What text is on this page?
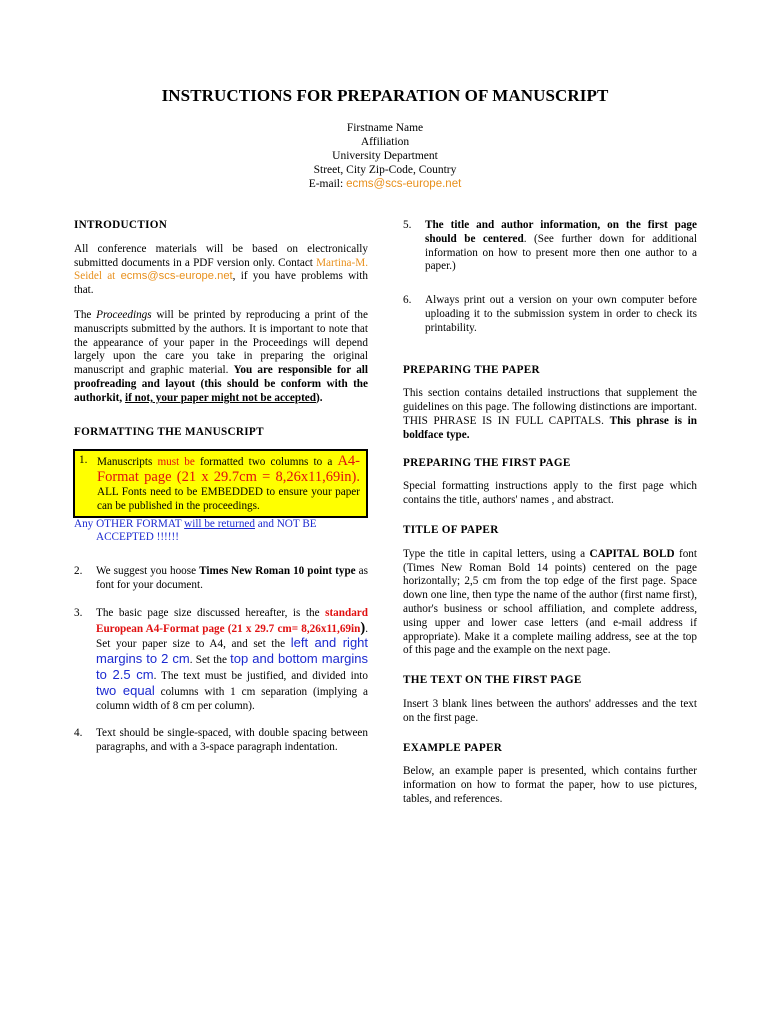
INSTRUCTIONS FOR PREPARATION OF MANUSCRIPT
Firstname Name
Affiliation
University Department
Street, City Zip-Code, Country
E-mail: ecms@scs-europe.net
INTRODUCTION

All conference materials will be based on electronically submitted documents in a PDF version only. Contact Martina-M. Seidel at ecms@scs-europe.net, if you have problems with that.

The Proceedings will be printed by reproducing a print of the manuscripts submitted by the authors. It is important to note that the appearance of your paper in the Proceedings will depend largely upon the care you take in preparing the original manuscript and graphic material. You are responsible for all proofreading and layout (this should be conform with the authorkit, if not, your paper might not be accepted).

FORMATTING THE MANUSCRIPT
1. Manuscripts must be formatted two columns to a A4-Format page (21 x 29.7cm = 8,26x11,69in). ALL Fonts need to be EMBEDDED to ensure your paper can be published in the proceedings.
Any OTHER FORMAT will be returned and NOT BE
ACCEPTED !!!!!!
2. We suggest you hoose Times New Roman 10 point type as font for your document.
3. The basic page size discussed hereafter, is the standard European A4-Format page (21 x 29.7 cm= 8,26x11,69in). Set your paper size to A4, and set the left and right margins to 2 cm. Set the top and bottom margins to 2.5 cm. The text must be justified, and divided into two equal columns with 1 cm separation (implying a column width of 8 cm per column).
4. Text should be single-spaced, with double spacing between paragraphs, and with a 3-space paragraph indentation.
5. The title and author information, on the first page should be centered. (See further down for additional information on how to present more then one author to a paper.)
6. Always print out a version on your own computer before uploading it to the submission system in order to check its printability.
PREPARING THE PAPER

This section contains detailed instructions that supplement the guidelines on this page. The following distinctions are important. THIS PHRASE IS IN FULL CAPITALS. This phrase is in boldface type.

PREPARING THE FIRST PAGE

Special formatting instructions apply to the first page which contains the title, authors' names , and abstract.

TITLE OF PAPER

Type the title in capital letters, using a CAPITAL BOLD font (Times New Roman Bold 14 points) centered on the page horizontally; 2,5 cm from the top edge of the first page. Space down one line, then type the name of the author (first name first), author's business or school affiliation, and complete address, using upper and lower case letters (and e-mail address if appropriate). Make it a complete mailing address, see at the top of this page and the example on the next page.

THE TEXT ON THE FIRST PAGE

Insert 3 blank lines between the authors' addresses and the text on the first page.

EXAMPLE PAPER

Below, an example paper is presented, which contains further information on how to format the paper, how to use pictures, tables, and references.
